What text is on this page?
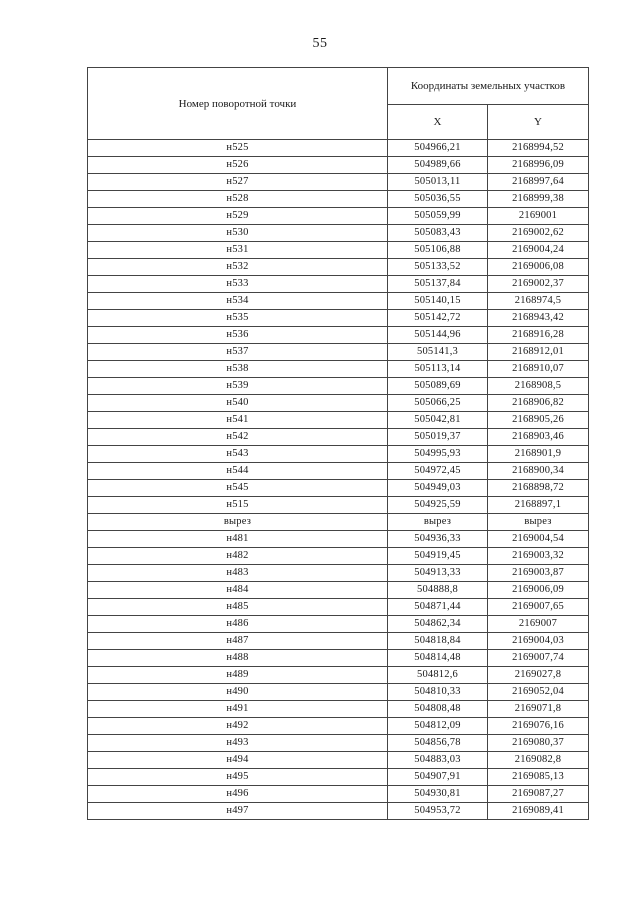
55
Номер поворотной точки	Координаты земельных участков	
	X	Y
н525	504966,21	2168994,52
н526	504989,66	2168996,09
н527	505013,11	2168997,64
н528	505036,55	2168999,38
н529	505059,99	2169001
н530	505083,43	2169002,62
н531	505106,88	2169004,24
н532	505133,52	2169006,08
н533	505137,84	2169002,37
н534	505140,15	2168974,5
н535	505142,72	2168943,42
н536	505144,96	2168916,28
н537	505141,3	2168912,01
н538	505113,14	2168910,07
н539	505089,69	2168908,5
н540	505066,25	2168906,82
н541	505042,81	2168905,26
н542	505019,37	2168903,46
н543	504995,93	2168901,9
н544	504972,45	2168900,34
н545	504949,03	2168898,72
н515	504925,59	2168897,1
вырез	вырез	вырез
н481	504936,33	2169004,54
н482	504919,45	2169003,32
н483	504913,33	2169003,87
н484	504888,8	2169006,09
н485	504871,44	2169007,65
н486	504862,34	2169007
н487	504818,84	2169004,03
н488	504814,48	2169007,74
н489	504812,6	2169027,8
н490	504810,33	2169052,04
н491	504808,48	2169071,8
н492	504812,09	2169076,16
н493	504856,78	2169080,37
н494	504883,03	2169082,8
н495	504907,91	2169085,13
н496	504930,81	2169087,27
н497	504953,72	2169089,41
